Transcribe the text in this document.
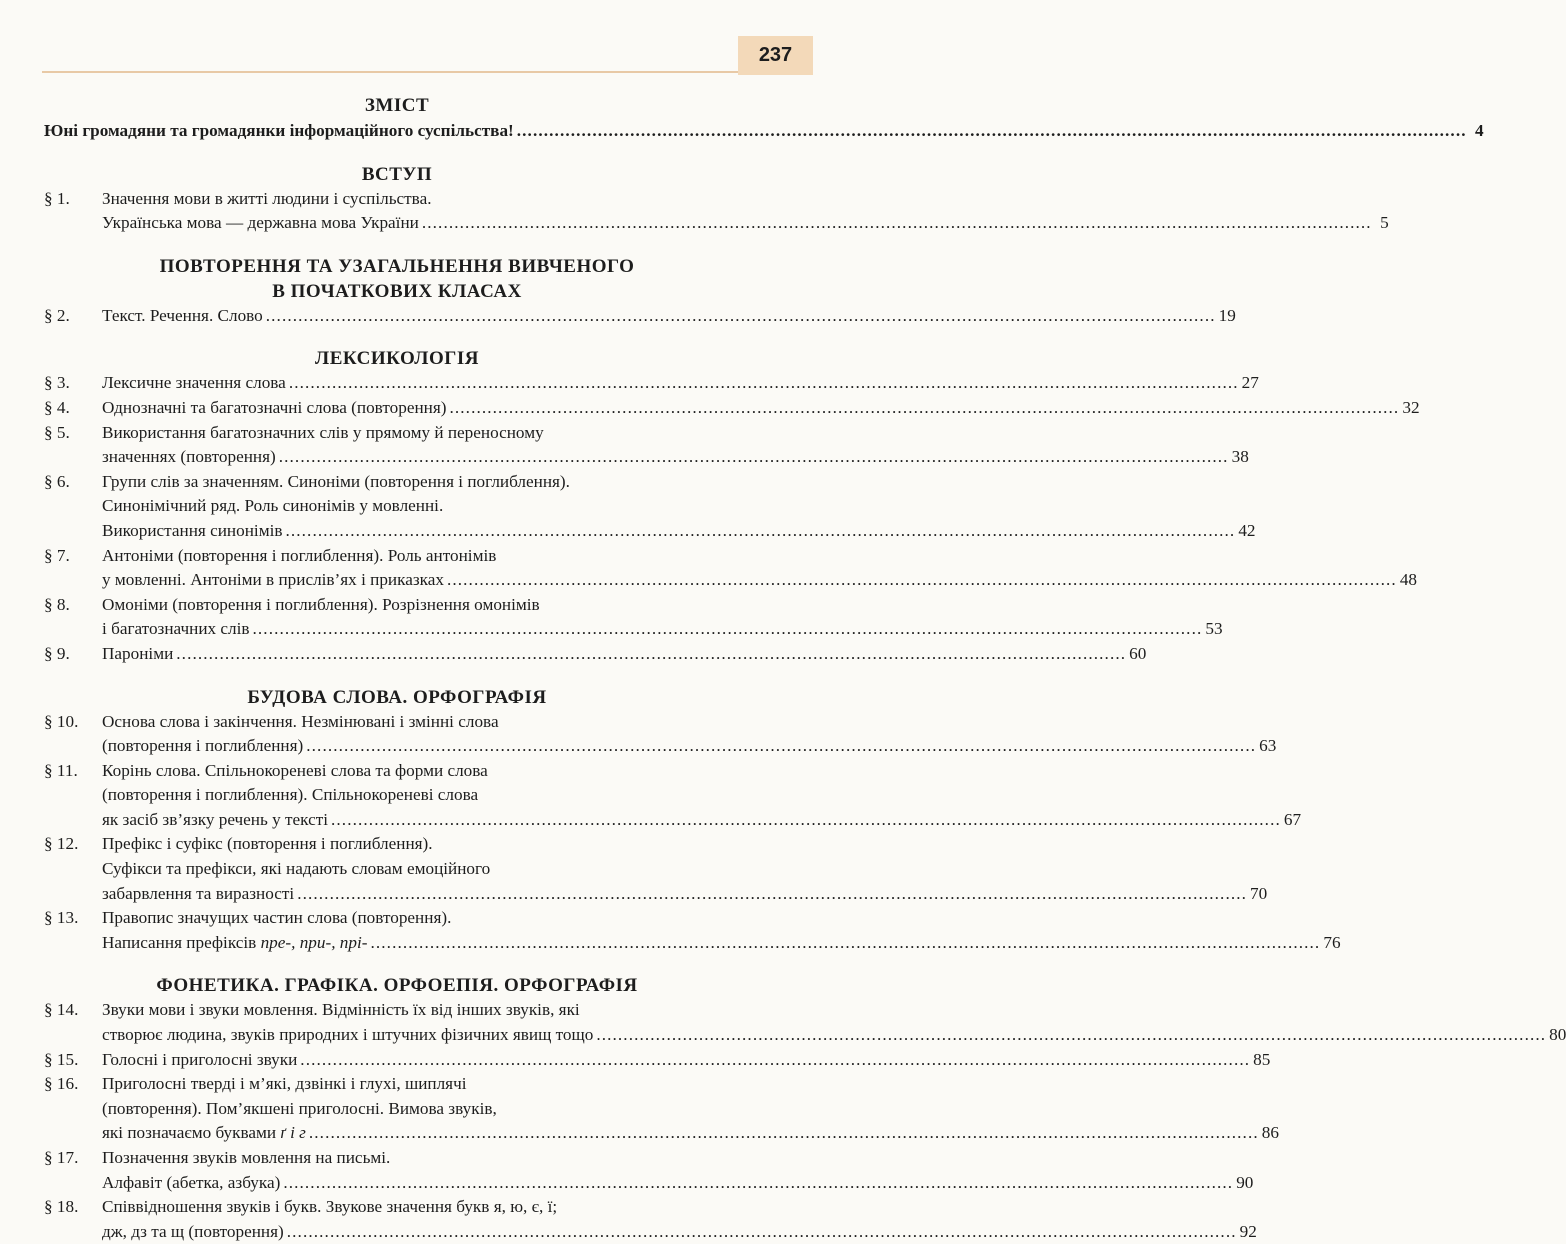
237

ЗМІСТ

Юні громадяни та громадянки інформаційного суспільства! .....	4

ВСТУП

§ 1.	Значення мови в житті людини і суспільства.
Українська мова — державна мова України .....	5

ПОВТОРЕННЯ ТА УЗАГАЛЬНЕННЯ ВИВЧЕНОГО

В ПОЧАТКОВИХ КЛАСАХ

§ 2.	Текст. Речення. Слово .....	19

ЛЕКСИКОЛОГІЯ

§ 3.	Лексичне значення слова .....	27
§ 4.	Однозначні та багатозначні слова (повторення) .....	32
§ 5.	Використання багатозначних слів у прямому й переносному
значеннях (повторення) .....	38
§ 6.	Групи слів за значенням. Синоніми (повторення і поглиблення).
Синонімічний ряд. Роль синонімів у мовленні.
Використання синонімів .....	42
§ 7.	Антоніми (повторення і поглиблення). Роль антонімів
у мовленні. Антоніми в прислів’ях і приказках .....	48
§ 8.	Омоніми (повторення і поглиблення). Розрізнення омонімів
і багатозначних слів .....	53
§ 9.	Пароніми .....	60

БУДОВА СЛОВА. ОРФОГРАФІЯ

§ 10.	Основа слова і закінчення. Незмінювані і змінні слова
(повторення і поглиблення) .....	63
§ 11.	Корінь слова. Спільнокореневі слова та форми слова
(повторення і поглиблення). Спільнокореневі слова
як засіб зв’язку речень у тексті .....	67
§ 12.	Префікс і суфікс (повторення і поглиблення).
Суфікси та префікси, які надають словам емоційного
забарвлення та виразності .....	70
§ 13.	Правопис значущих частин слова (повторення).
Написання префіксів пре-, при-, прі- .....	76

ФОНЕТИКА. ГРАФІКА. ОРФОЕПІЯ. ОРФОГРАФІЯ

§ 14.	Звуки мови і звуки мовлення. Відмінність їх від інших звуків, які
створює людина, звуків природних і штучних фізичних явищ тощо .....	80
§ 15.	Голосні і приголосні звуки .....	85
§ 16.	Приголосні тверді і м’які, дзвінкі і глухі, шиплячі
(повторення). Пом’якшені приголосні. Вимова звуків,
які позначаємо буквами ґ і г .....	86
§ 17.	Позначення звуків мовлення на письмі.
Алфавіт (абетка, азбука) .....	90
§ 18.	Співвідношення звуків і букв. Звукове значення букв я, ю, є, ї;
дж, дз та щ (повторення) .....	92
